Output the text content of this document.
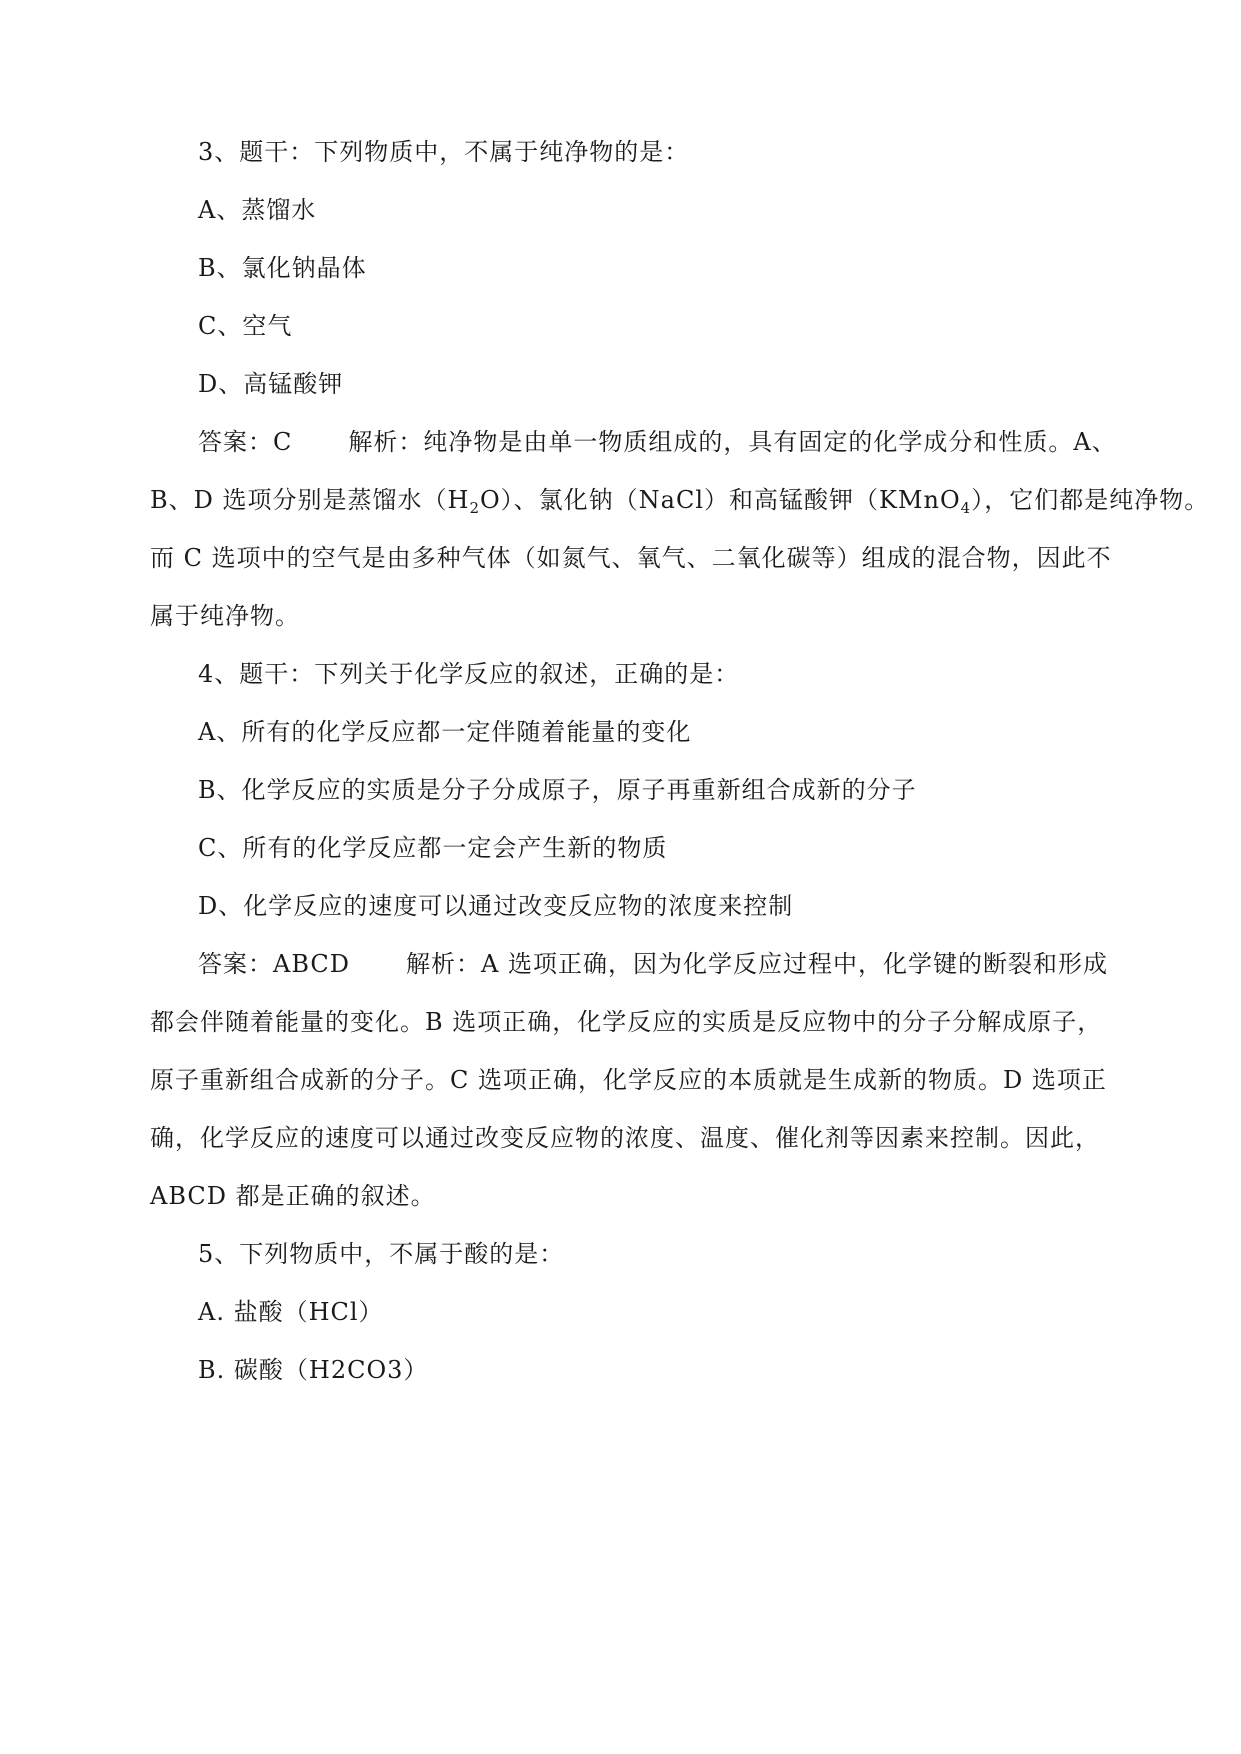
3、题干：下列物质中，不属于纯净物的是：
A、蒸馏水
B、氯化钠晶体
C、空气
D、高锰酸钾
答案：C 解析：纯净物是由单一物质组成的，具有固定的化学成分和性质。A、
B、D 选项分别是蒸馏水$(H_2O)$、氯化钠（NaCl）和高锰酸钾（KMnO$_4$），它们都是纯净物。
而 C 选项中的空气是由多种气体（如氮气、氧气、二氧化碳等）组成的混合物，因此不
属于纯净物。
4、题干：下列关于化学反应的叙述，正确的是：
A、所有的化学反应都一定伴随着能量的变化
B、化学反应的实质是分子分成原子，原子再重新组合成新的分子
C、所有的化学反应都一定会产生新的物质
D、化学反应的速度可以通过改变反应物的浓度来控制
答案：ABCD 解析：A 选项正确，因为化学反应过程中，化学键的断裂和形成
都会伴随着能量的变化。B 选项正确，化学反应的实质是反应物中的分子分解成原子，
原子重新组合成新的分子。C 选项正确，化学反应的本质就是生成新的物质。D 选项正
确，化学反应的速度可以通过改变反应物的浓度、温度、催化剂等因素来控制。因此，
ABCD 都是正确的叙述。
5、下列物质中，不属于酸的是：
A. 盐酸（HCl）
B. 碳酸（H2CO3）
